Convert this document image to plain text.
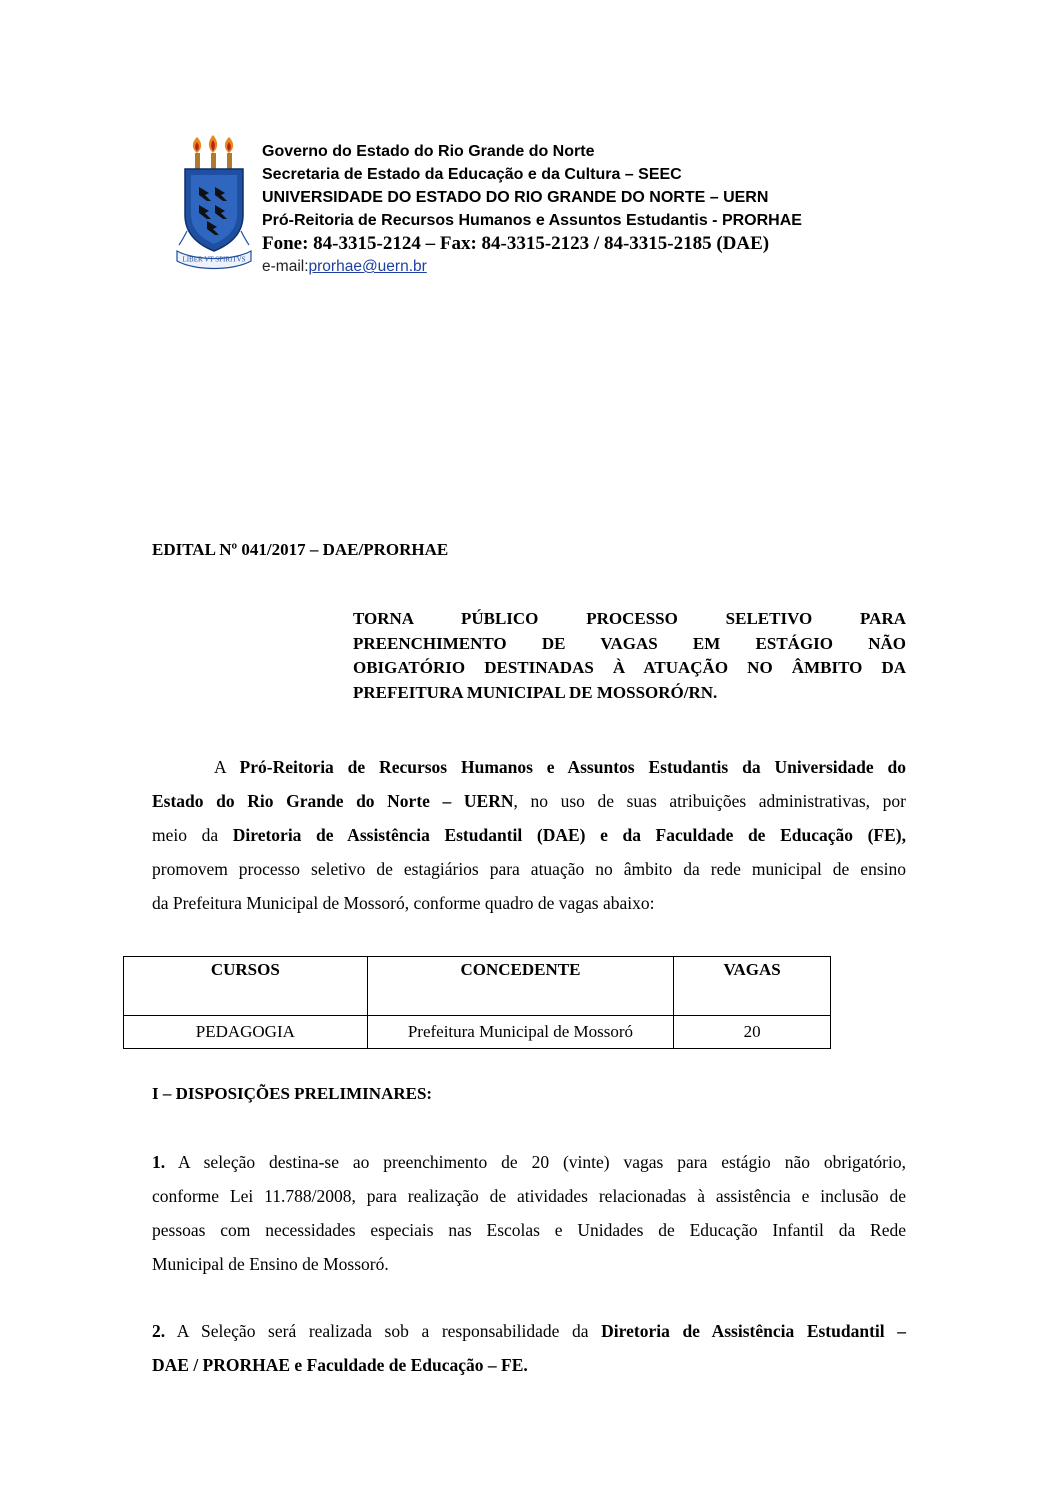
LIBER VT SPIRITVS
Governo do Estado do Rio Grande do Norte
Secretaria de Estado da Educação e da Cultura – SEEC
UNIVERSIDADE DO ESTADO DO RIO GRANDE DO NORTE – UERN
Pró-Reitoria de Recursos Humanos e Assuntos Estudantis - PRORHAE
Fone: 84-3315-2124 – Fax: 84-3315-2123 / 84-3315-2185 (DAE)
e-mail:prorhae@uern.br
EDITAL Nº 041/2017 – DAE/PRORHAE
TORNA PÚBLICO PROCESSO SELETIVO PARA
PREENCHIMENTO DE VAGAS EM ESTÁGIO NÃO
OBIGATÓRIO DESTINADAS À ATUAÇÃO NO ÂMBITO DA
PREFEITURA MUNICIPAL DE MOSSORÓ/RN.
A Pró-Reitoria de Recursos Humanos e Assuntos Estudantis da Universidade do
Estado do Rio Grande do Norte – UERN, no uso de suas atribuições administrativas, por
meio da Diretoria de Assistência Estudantil (DAE) e da Faculdade de Educação (FE),
promovem processo seletivo de estagiários para atuação no âmbito da rede municipal de ensino
da Prefeitura Municipal de Mossoró, conforme quadro de vagas abaixo:
CURSOS	CONCEDENTE	VAGAS
PEDAGOGIA	Prefeitura Municipal de Mossoró	20
I – DISPOSIÇÕES PRELIMINARES:
1. A seleção destina-se ao preenchimento de 20 (vinte) vagas para estágio não obrigatório,
conforme Lei 11.788/2008, para realização de atividades relacionadas à assistência e inclusão de
pessoas com necessidades especiais nas Escolas e Unidades de Educação Infantil da Rede
Municipal de Ensino de Mossoró.
2. A Seleção será realizada sob a responsabilidade da Diretoria de Assistência Estudantil –
DAE / PRORHAE e Faculdade de Educação – FE.
